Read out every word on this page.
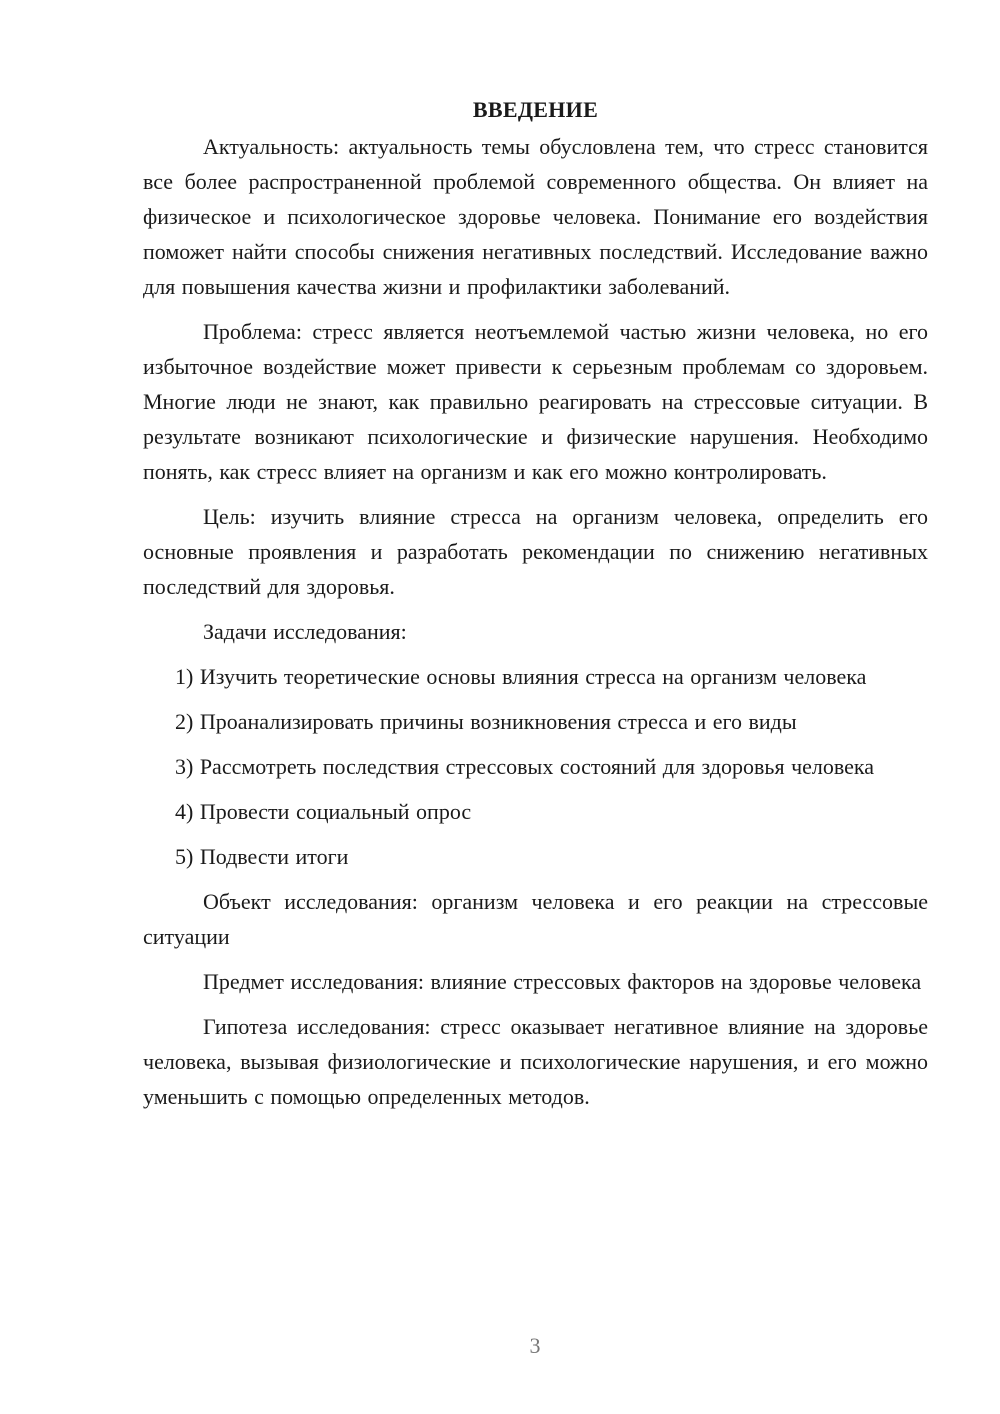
ВВЕДЕНИЕ

Актуальность: актуальность темы обусловлена тем, что стресс становится все более распространенной проблемой современного общества. Он влияет на физическое и психологическое здоровье человека. Понимание его воздействия поможет найти способы снижения негативных последствий. Исследование важно для повышения качества жизни и профилактики заболеваний.

Проблема: стресс является неотъемлемой частью жизни человека, но его избыточное воздействие может привести к серьезным проблемам со здоровьем. Многие люди не знают, как правильно реагировать на стрессовые ситуации. В результате возникают психологические и физические нарушения. Необходимо понять, как стресс влияет на организм и как его можно контролировать.

Цель: изучить влияние стресса на организм человека, определить его основные проявления и разработать рекомендации по снижению негативных последствий для здоровья.

Задачи исследования:

1) Изучить теоретические основы влияния стресса на организм человека

2) Проанализировать причины возникновения стресса и его виды

3) Рассмотреть последствия стрессовых состояний для здоровья человека

4) Провести социальный опрос

5) Подвести итоги

Объект исследования: организм человека и его реакции на стрессовые ситуации

Предмет исследования: влияние стрессовых факторов на здоровье человека

Гипотеза исследования: стресс оказывает негативное влияние на здоровье человека, вызывая физиологические и психологические нарушения, и его можно уменьшить с помощью определенных методов.

3
